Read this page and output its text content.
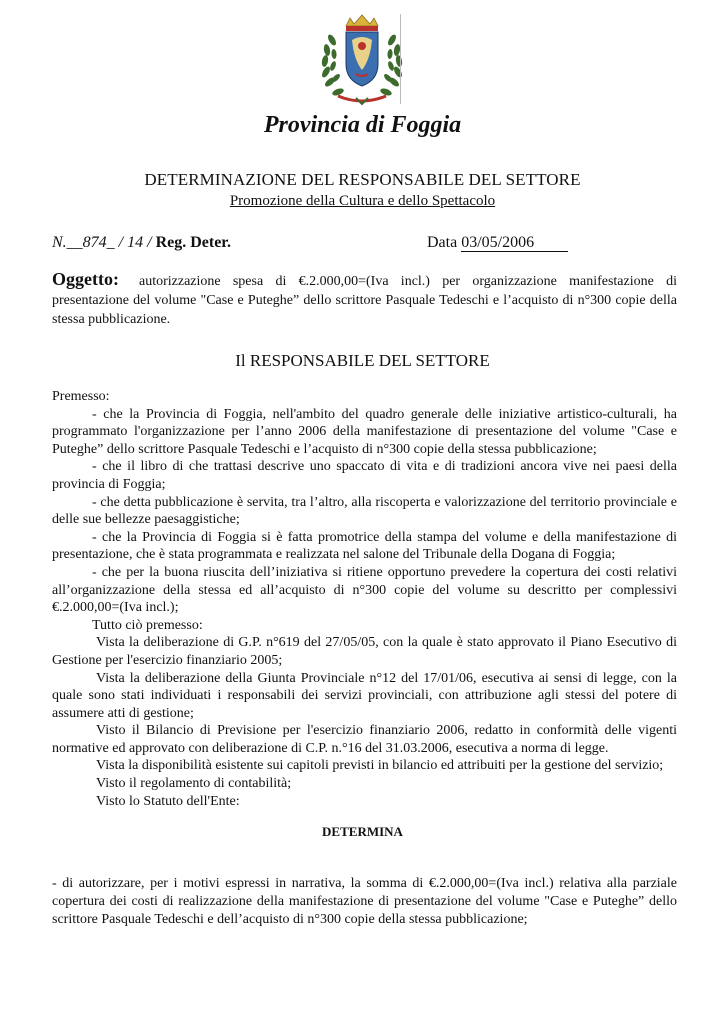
Provincia di Foggia
DETERMINAZIONE DEL RESPONSABILE DEL SETTORE
Promozione della Cultura e dello Spettacolo
N.__874_ / 14 / Reg. Deter.	Data 03/05/2006
Oggetto: autorizzazione spesa di €.2.000,00=(Iva incl.) per organizzazione manifestazione di presentazione del volume "Case e Puteghe” dello scrittore Pasquale Tedeschi e l’acquisto di n°300 copie della stessa pubblicazione.
Il RESPONSABILE DEL SETTORE

Premesso:

- che la Provincia di Foggia, nell'ambito del quadro generale delle iniziative artistico-culturali, ha programmato l'organizzazione per l’anno 2006 della manifestazione di presentazione del volume "Case e Puteghe” dello scrittore Pasquale Tedeschi e l’acquisto di n°300 copie della stessa pubblicazione;

- che il libro di che trattasi descrive uno spaccato di vita e di tradizioni ancora vive nei paesi della provincia di Foggia;

- che detta pubblicazione è servita, tra l’altro, alla riscoperta e valorizzazione del territorio provinciale e delle sue bellezze paesaggistiche;

- che la Provincia di Foggia si è fatta promotrice della stampa del volume e della manifestazione di presentazione, che è stata programmata e realizzata nel salone del Tribunale della Dogana di Foggia;

- che per la buona riuscita dell’iniziativa si ritiene opportuno prevedere la copertura dei costi relativi all’organizzazione della stessa ed all’acquisto di n°300 copie del volume su descritto per complessivi €.2.000,00=(Iva incl.);

Tutto ciò premesso:

Vista la deliberazione di G.P. n°619 del 27/05/05, con la quale è stato approvato il Piano Esecutivo di Gestione per l'esercizio finanziario 2005;

Vista la deliberazione della Giunta Provinciale n°12 del 17/01/06, esecutiva ai sensi di legge, con la quale sono stati individuati i responsabili dei servizi provinciali, con attribuzione agli stessi del potere di assumere atti di gestione;

Visto il Bilancio di Previsione per l'esercizio finanziario 2006, redatto in conformità delle vigenti normative ed approvato con deliberazione di C.P. n.°16 del 31.03.2006, esecutiva a norma di legge.

Vista la disponibilità esistente sui capitoli previsti in bilancio ed attribuiti per la gestione del servizio;

Visto il regolamento di contabilità;

Visto lo Statuto dell'Ente:

DETERMINA
- di autorizzare, per i motivi espressi in narrativa, la somma di €.2.000,00=(Iva incl.) relativa alla parziale copertura dei costi di realizzazione della manifestazione di presentazione del volume "Case e Puteghe” dello scrittore Pasquale Tedeschi e dell’acquisto di n°300 copie della stessa pubblicazione;
